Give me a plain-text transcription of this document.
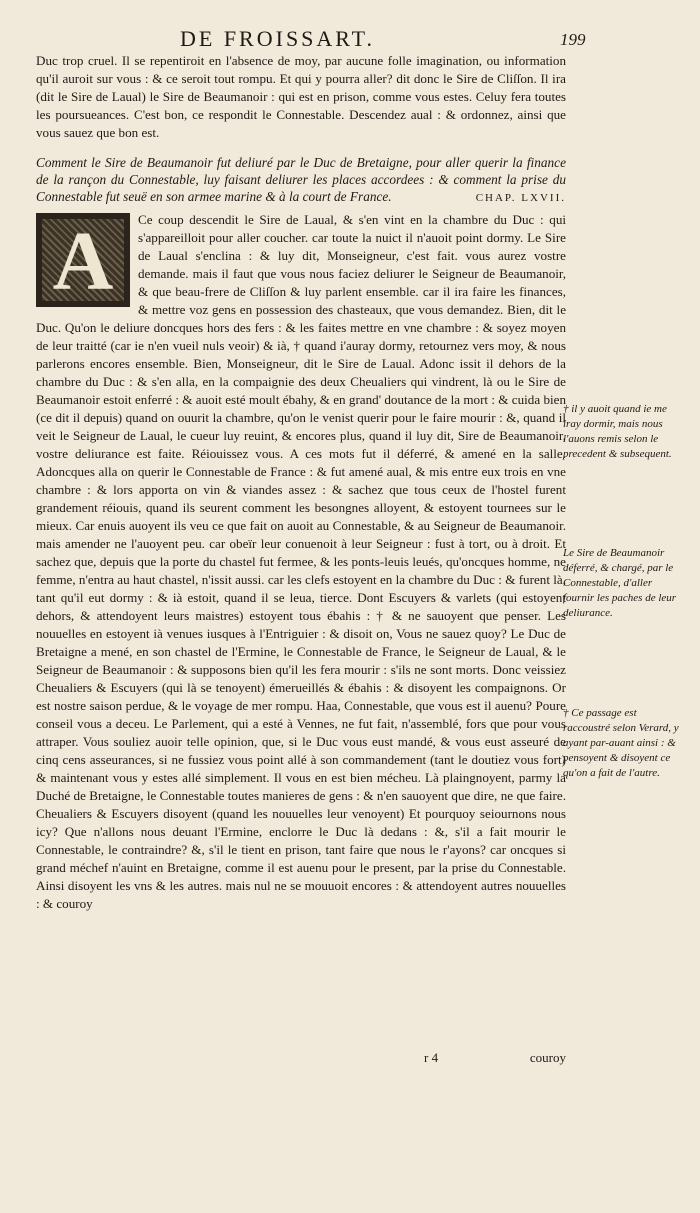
DE FROISSART.	199

Duc trop cruel. Il se repentiroit en l'absence de moy, par aucune folle imagination, ou information qu'il auroit sur vous : & ce seroit tout rompu. Et qui y pourra aller? dit donc le Sire de Cliſſon. Il ira (dit le Sire de Laual) le Sire de Beaumanoir : qui est en prison, comme vous estes. Celuy fera toutes les poursueances. C'est bon, ce respondit le Connestable. Descendez aual : & ordonnez, ainsi que vous sauez que bon est.

Comment le Sire de Beaumanoir fut deliuré par le Duc de Bretaigne, pour aller querir la finance de la rançon du Connestable, luy faisant deliurer les places accordees : & comment la prise du Connestable fut seuë en son armee marine & à la court de France.	CHAP. LXVII.
A	Ce coup descendit le Sire de Laual, & s'en vint en la chambre du Duc : qui s'appareilloit pour aller coucher. car toute la nuict il n'auoit point dormy. Le Sire de Laual s'enclina : & luy dit, Monseigneur, c'est fait. vous aurez vostre demande. mais il faut que vous nous faciez deliurer le Seigneur de Beaumanoir, & que beau-frere de Cliſſon & luy parlent ensemble. car il ira faire les finances, & mettre voz gens en possession des chasteaux, que vous demandez. Bien, dit le Duc. Qu'on le deliure doncques hors des fers : & les faites mettre en vne chambre : & soyez moyen de leur traitté (car ie n'en vueil nuls veoir) & ià, † quand i'auray dormy, retournez vers moy, & nous parlerons encores ensemble. Bien, Monseigneur, dit le Sire de Laual. Adonc issit il dehors de la chambre du Duc : & s'en alla, en la compaignie des deux Cheualiers qui vindrent, là ou le Sire de Beaumanoir estoit enferré : & auoit esté moult ébahy, & en grand' doutance de la mort : & cuida bien (ce dit il depuis) quand on ouurit la chambre, qu'on le venist querir pour le faire mourir : &, quand il veit le Seigneur de Laual, le cueur luy reuint, & encores plus, quand il luy dit, Sire de Beaumanoir, vostre deliurance est faite. Réiouissez vous. A ces mots fut il déferré, & amené en la salle. Adoncques alla on querir le Connestable de France : & fut amené aual, & mis entre eux trois en vne chambre : & lors apporta on vin & viandes assez : & sachez que tous ceux de l'hostel furent grandement réiouis, quand ils seurent comment les besongnes alloyent, & estoyent tournees sur le mieux. Car enuis auoyent ils veu ce que fait on auoit au Connestable, & au Seigneur de Beaumanoir. mais amender ne l'auoyent peu. car obeïr leur conuenoit à leur Seigneur : fust à tort, ou à droit. Et sachez que, depuis que la porte du chastel fut fermee, & les ponts-leuis leués, qu'oncques homme, ne femme, n'entra au haut chastel, n'issit aussi. car les clefs estoyent en la chambre du Duc : & furent là, tant qu'il eut dormy : & ià estoit, quand il se leua, tierce. Dont Escuyers & varlets (qui estoyent dehors, & attendoyent leurs maistres) estoyent tous ébahis : † & ne sauoyent que penser. Les nouuelles en estoyent ià venues iusques à l'Entriguier : & disoit on, Vous ne sauez quoy? Le Duc de Bretaigne a mené, en son chastel de l'Ermine, le Connestable de France, le Seigneur de Laual, & le Seigneur de Beaumanoir : & supposons bien qu'il les fera mourir : s'ils ne sont morts. Donc veissiez Cheualiers & Escuyers (qui là se tenoyent) émerueillés & ébahis : & disoyent les compaignons. Or est nostre saison perdue, & le voyage de mer rompu. Haa, Connestable, que vous est il auenu? Poure conseil vous a deceu. Le Parlement, qui a esté à Vennes, ne fut fait, n'assemblé, fors que pour vous attraper. Vous souliez auoir telle opinion, que, si le Duc vous eust mandé, & vous eust asseuré de cinq cens asseurances, si ne fussiez vous point allé à son commandement (tant le doutiez vous fort) & maintenant vous y estes allé simplement. Il vous en est bien mécheu. Là plaingnoyent, parmy la Duché de Bretaigne, le Connestable toutes manieres de gens : & n'en sauoyent que dire, ne que faire. Cheualiers & Escuyers disoyent (quand les nouuelles leur venoyent) Et pourquoy seiournons nous icy? Que n'allons nous deuant l'Ermine, enclorre le Duc là dedans : &, s'il a fait mourir le Connestable, le contraindre? &, s'il le tient en prison, tant faire que nous le r'ayons? car oncques si grand méchef n'auint en Bretaigne, comme il est auenu pour le present, par la prise du Connestable. Ainsi disoyent les vns & les autres. mais nul ne se mouuoit encores : & attendoyent autres nouuelles : & couroy

† il y auoit quand ie me iray dormir, mais nous l'auons remis selon le precedent & subsequent.
Le Sire de Beaumanoir déferré, & chargé, par le Connestable, d'aller fournir les paches de leur deliurance.
† Ce passage est raccoustré selon Verard, y ayant par-auant ainsi : & pensoyent & disoyent ce qu'on a fait de l'autre.
r 4	couroy
